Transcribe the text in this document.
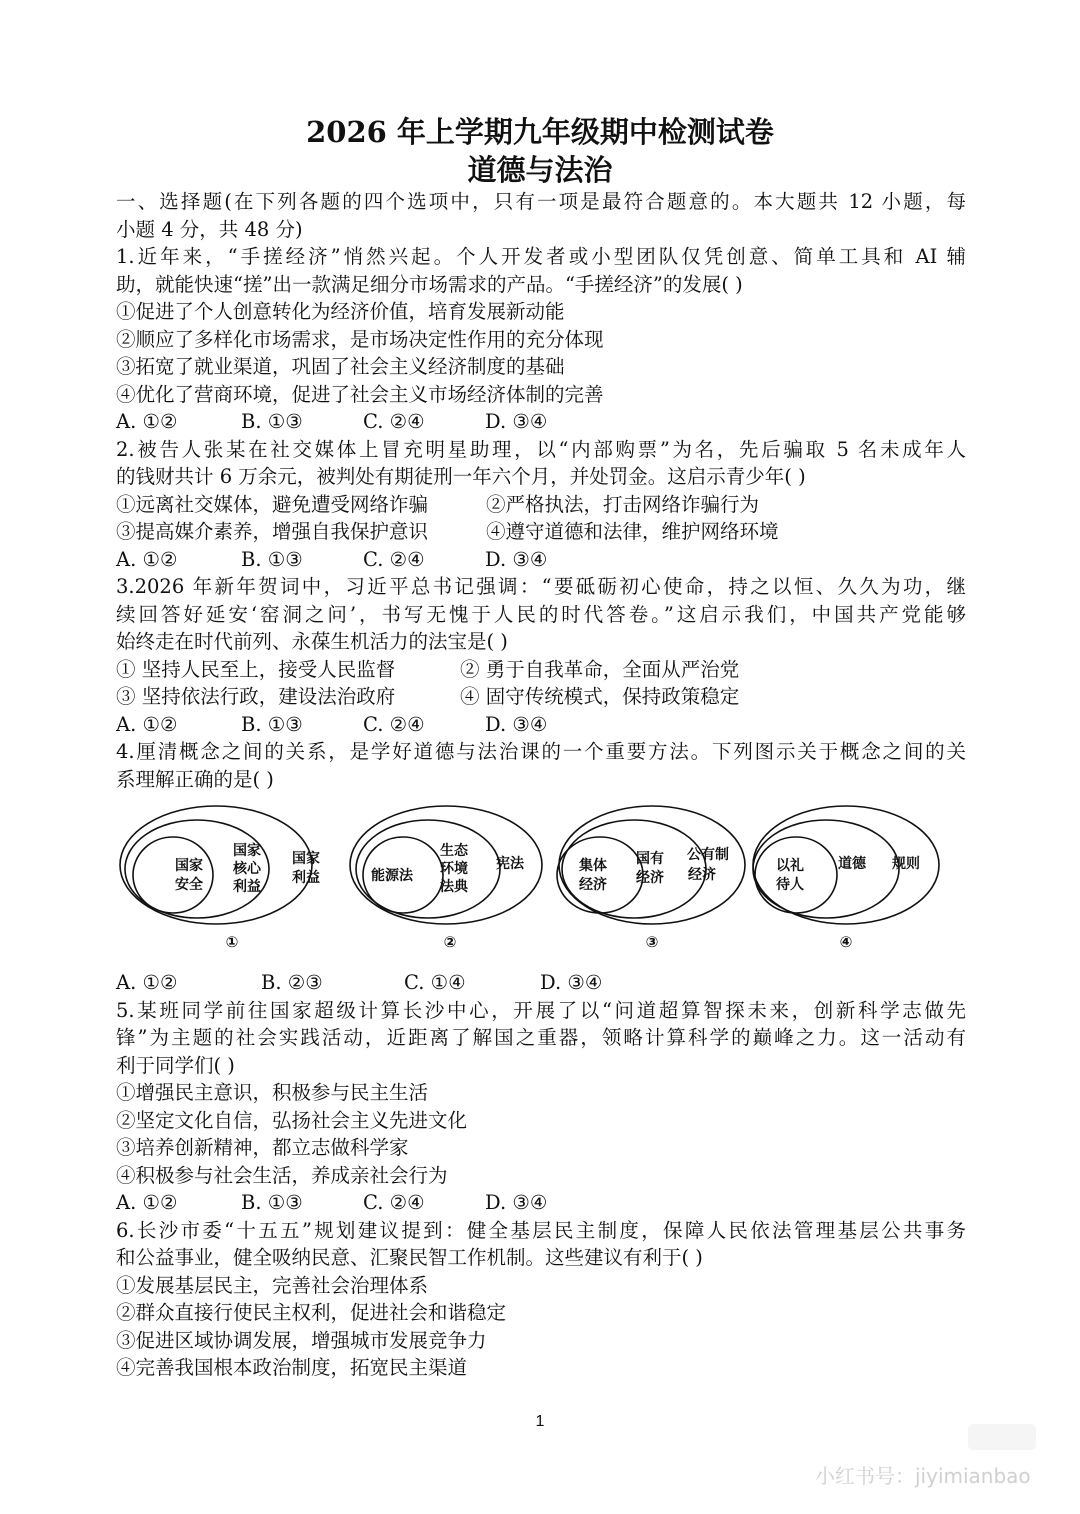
2026 年上学期九年级期中检测试卷
道德与法治
一、选择题(在下列各题的四个选项中，只有一项是最符合题意的。本大题共 12 小题，每
小题 4 分，共 48 分)
1.近年来，“手搓经济”悄然兴起。个人开发者或小型团队仅凭创意、简单工具和 AI 辅
助，就能快速“搓”出一款满足细分市场需求的产品。“手搓经济”的发展( )
①促进了个人创意转化为经济价值，培育发展新动能
②顺应了多样化市场需求，是市场决定性作用的充分体现
③拓宽了就业渠道，巩固了社会主义经济制度的基础
④优化了营商环境，促进了社会主义市场经济体制的完善
A. ①②	B. ①③	C. ②④	D. ③④
2.被告人张某在社交媒体上冒充明星助理，以“内部购票”为名，先后骗取 5 名未成年人
的钱财共计 6 万余元，被判处有期徒刑一年六个月，并处罚金。这启示青少年( )
①远离社交媒体，避免遭受网络诈骗	②严格执法，打击网络诈骗行为
③提高媒介素养，增强自我保护意识	④遵守道德和法律，维护网络环境
A. ①②	B. ①③	C. ②④	D. ③④
3.2026 年新年贺词中，习近平总书记强调：“要砥砺初心使命，持之以恒、久久为功，继
续回答好延安‘窑洞之问’，书写无愧于人民的时代答卷。”这启示我们，中国共产党能够
始终走在时代前列、永葆生机活力的法宝是( )
① 坚持人民至上，接受人民监督	② 勇于自我革命，全面从严治党
③ 坚持依法行政，建设法治政府	④ 固守传统模式，保持政策稳定
A. ①②	B. ①③	C. ②④	D. ③④
4.厘清概念之间的关系，是学好道德与法治课的一个重要方法。下列图示关于概念之间的关
系理解正确的是( )
国家
安全
国家
核心
利益
国家
利益
①
能源法
生态
环境
法典
宪法
②
集体
经济
国有
经济
公有制
经济
③
以礼
待人
道德 规则
④
A. ①②	B. ②③	C. ①④	D. ③④
5.某班同学前往国家超级计算长沙中心，开展了以“问道超算智探未来，创新科学志做先
锋”为主题的社会实践活动，近距离了解国之重器，领略计算科学的巅峰之力。这一活动有
利于同学们( )
①增强民主意识，积极参与民主生活
②坚定文化自信，弘扬社会主义先进文化
③培养创新精神，都立志做科学家
④积极参与社会生活，养成亲社会行为
A. ①②	B. ①③	C. ②④	D. ③④
6.长沙市委“十五五”规划建议提到：健全基层民主制度，保障人民依法管理基层公共事务
和公益事业，健全吸纳民意、汇聚民智工作机制。这些建议有利于( )
①发展基层民主，完善社会治理体系
②群众直接行使民主权利，促进社会和谐稳定
③促进区域协调发展，增强城市发展竞争力
④完善我国根本政治制度，拓宽民主渠道
1
小红书号：jiyimianbao
